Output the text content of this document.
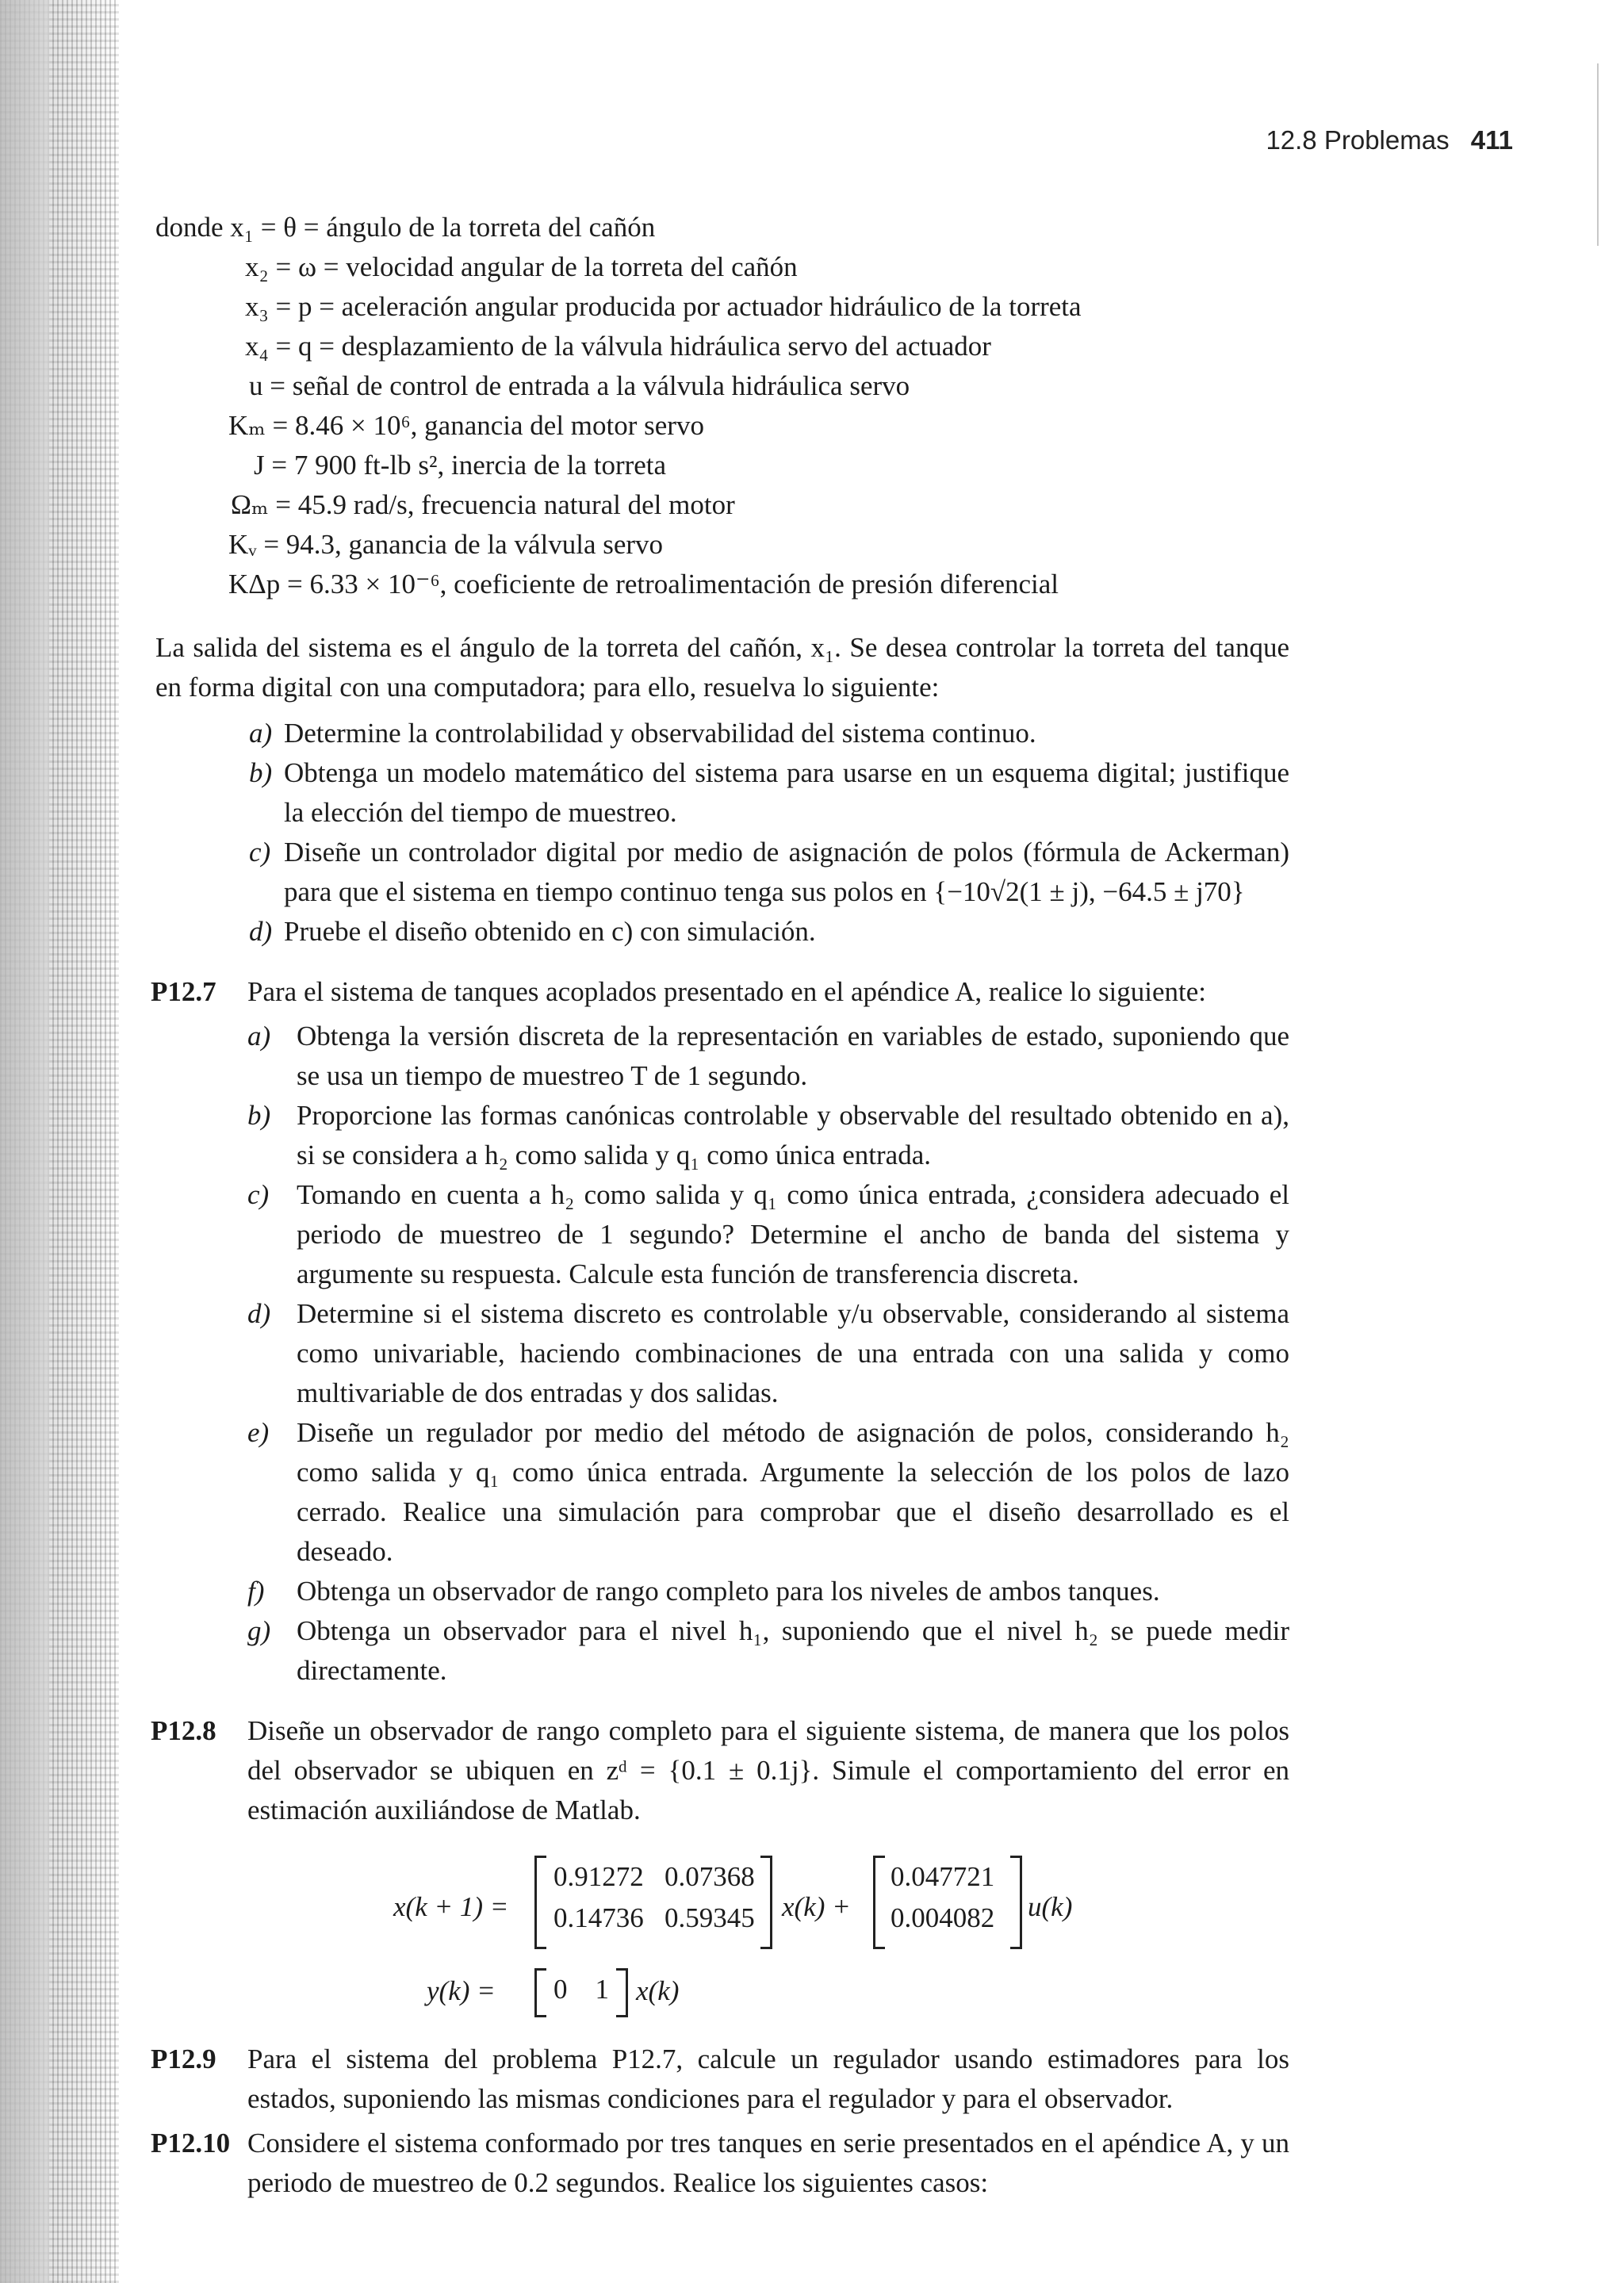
12.8 Problemas 411
donde x₁ = θ = ángulo de la torreta del cañón
x₂ = ω = velocidad angular de la torreta del cañón
x₃ = p = aceleración angular producida por actuador hidráulico de la torreta
x₄ = q = desplazamiento de la válvula hidráulica servo del actuador
u = señal de control de entrada a la válvula hidráulica servo
Kₘ = 8.46 × 10⁶, ganancia del motor servo
J = 7 900 ft-lb s², inercia de la torreta
Ωₘ = 45.9 rad/s, frecuencia natural del motor
Kᵥ = 94.3, ganancia de la válvula servo
KΔp = 6.33 × 10⁻⁶, coeficiente de retroalimentación de presión diferencial

La salida del sistema es el ángulo de la torreta del cañón, x₁. Se desea controlar la torreta del tanque en forma digital con una computadora; para ello, resuelva lo siguiente:

a) Determine la controlabilidad y observabilidad del sistema continuo.
b) Obtenga un modelo matemático del sistema para usarse en un esquema digital; justifique la elección del tiempo de muestreo.
c) Diseñe un controlador digital por medio de asignación de polos (fórmula de Ackerman) para que el sistema en tiempo continuo tenga sus polos en {−10√2(1 ± j), −64.5 ± j70}
d) Pruebe el diseño obtenido en c) con simulación.
P12.7 Para el sistema de tanques acoplados presentado en el apéndice A, realice lo siguiente:
a) Obtenga la versión discreta de la representación en variables de estado, suponiendo que se usa un tiempo de muestreo T de 1 segundo.
b) Proporcione las formas canónicas controlable y observable del resultado obtenido en a), si se considera a h₂ como salida y q₁ como única entrada.
c) Tomando en cuenta a h₂ como salida y q₁ como única entrada, ¿considera adecuado el periodo de muestreo de 1 segundo? Determine el ancho de banda del sistema y argumente su respuesta. Calcule esta función de transferencia discreta.
d) Determine si el sistema discreto es controlable y/u observable, considerando al sistema como univariable, haciendo combinaciones de una entrada con una salida y como multivariable de dos entradas y dos salidas.
e) Diseñe un regulador por medio del método de asignación de polos, considerando h₂ como salida y q₁ como única entrada. Argumente la selección de los polos de lazo cerrado. Realice una simulación para comprobar que el diseño desarrollado es el deseado.
f) Obtenga un observador de rango completo para los niveles de ambos tanques.
g) Obtenga un observador para el nivel h₁, suponiendo que el nivel h₂ se puede medir directamente.
P12.8 Diseñe un observador de rango completo para el siguiente sistema, de manera que los polos del observador se ubiquen en zᵈ = {0.1 ± 0.1j}. Simule el comportamiento del error en estimación auxiliándose de Matlab.
x(k + 1) =
0.91272 0.07368
0.14736 0.59345 x(k) +
0.047721
0.004082 u(k)
y(k) = 0 1 x(k)
P12.9 Para el sistema del problema P12.7, calcule un regulador usando estimadores para los estados, suponiendo las mismas condiciones para el regulador y para el observador.
P12.10 Considere el sistema conformado por tres tanques en serie presentados en el apéndice A, y un periodo de muestreo de 0.2 segundos. Realice los siguientes casos:
